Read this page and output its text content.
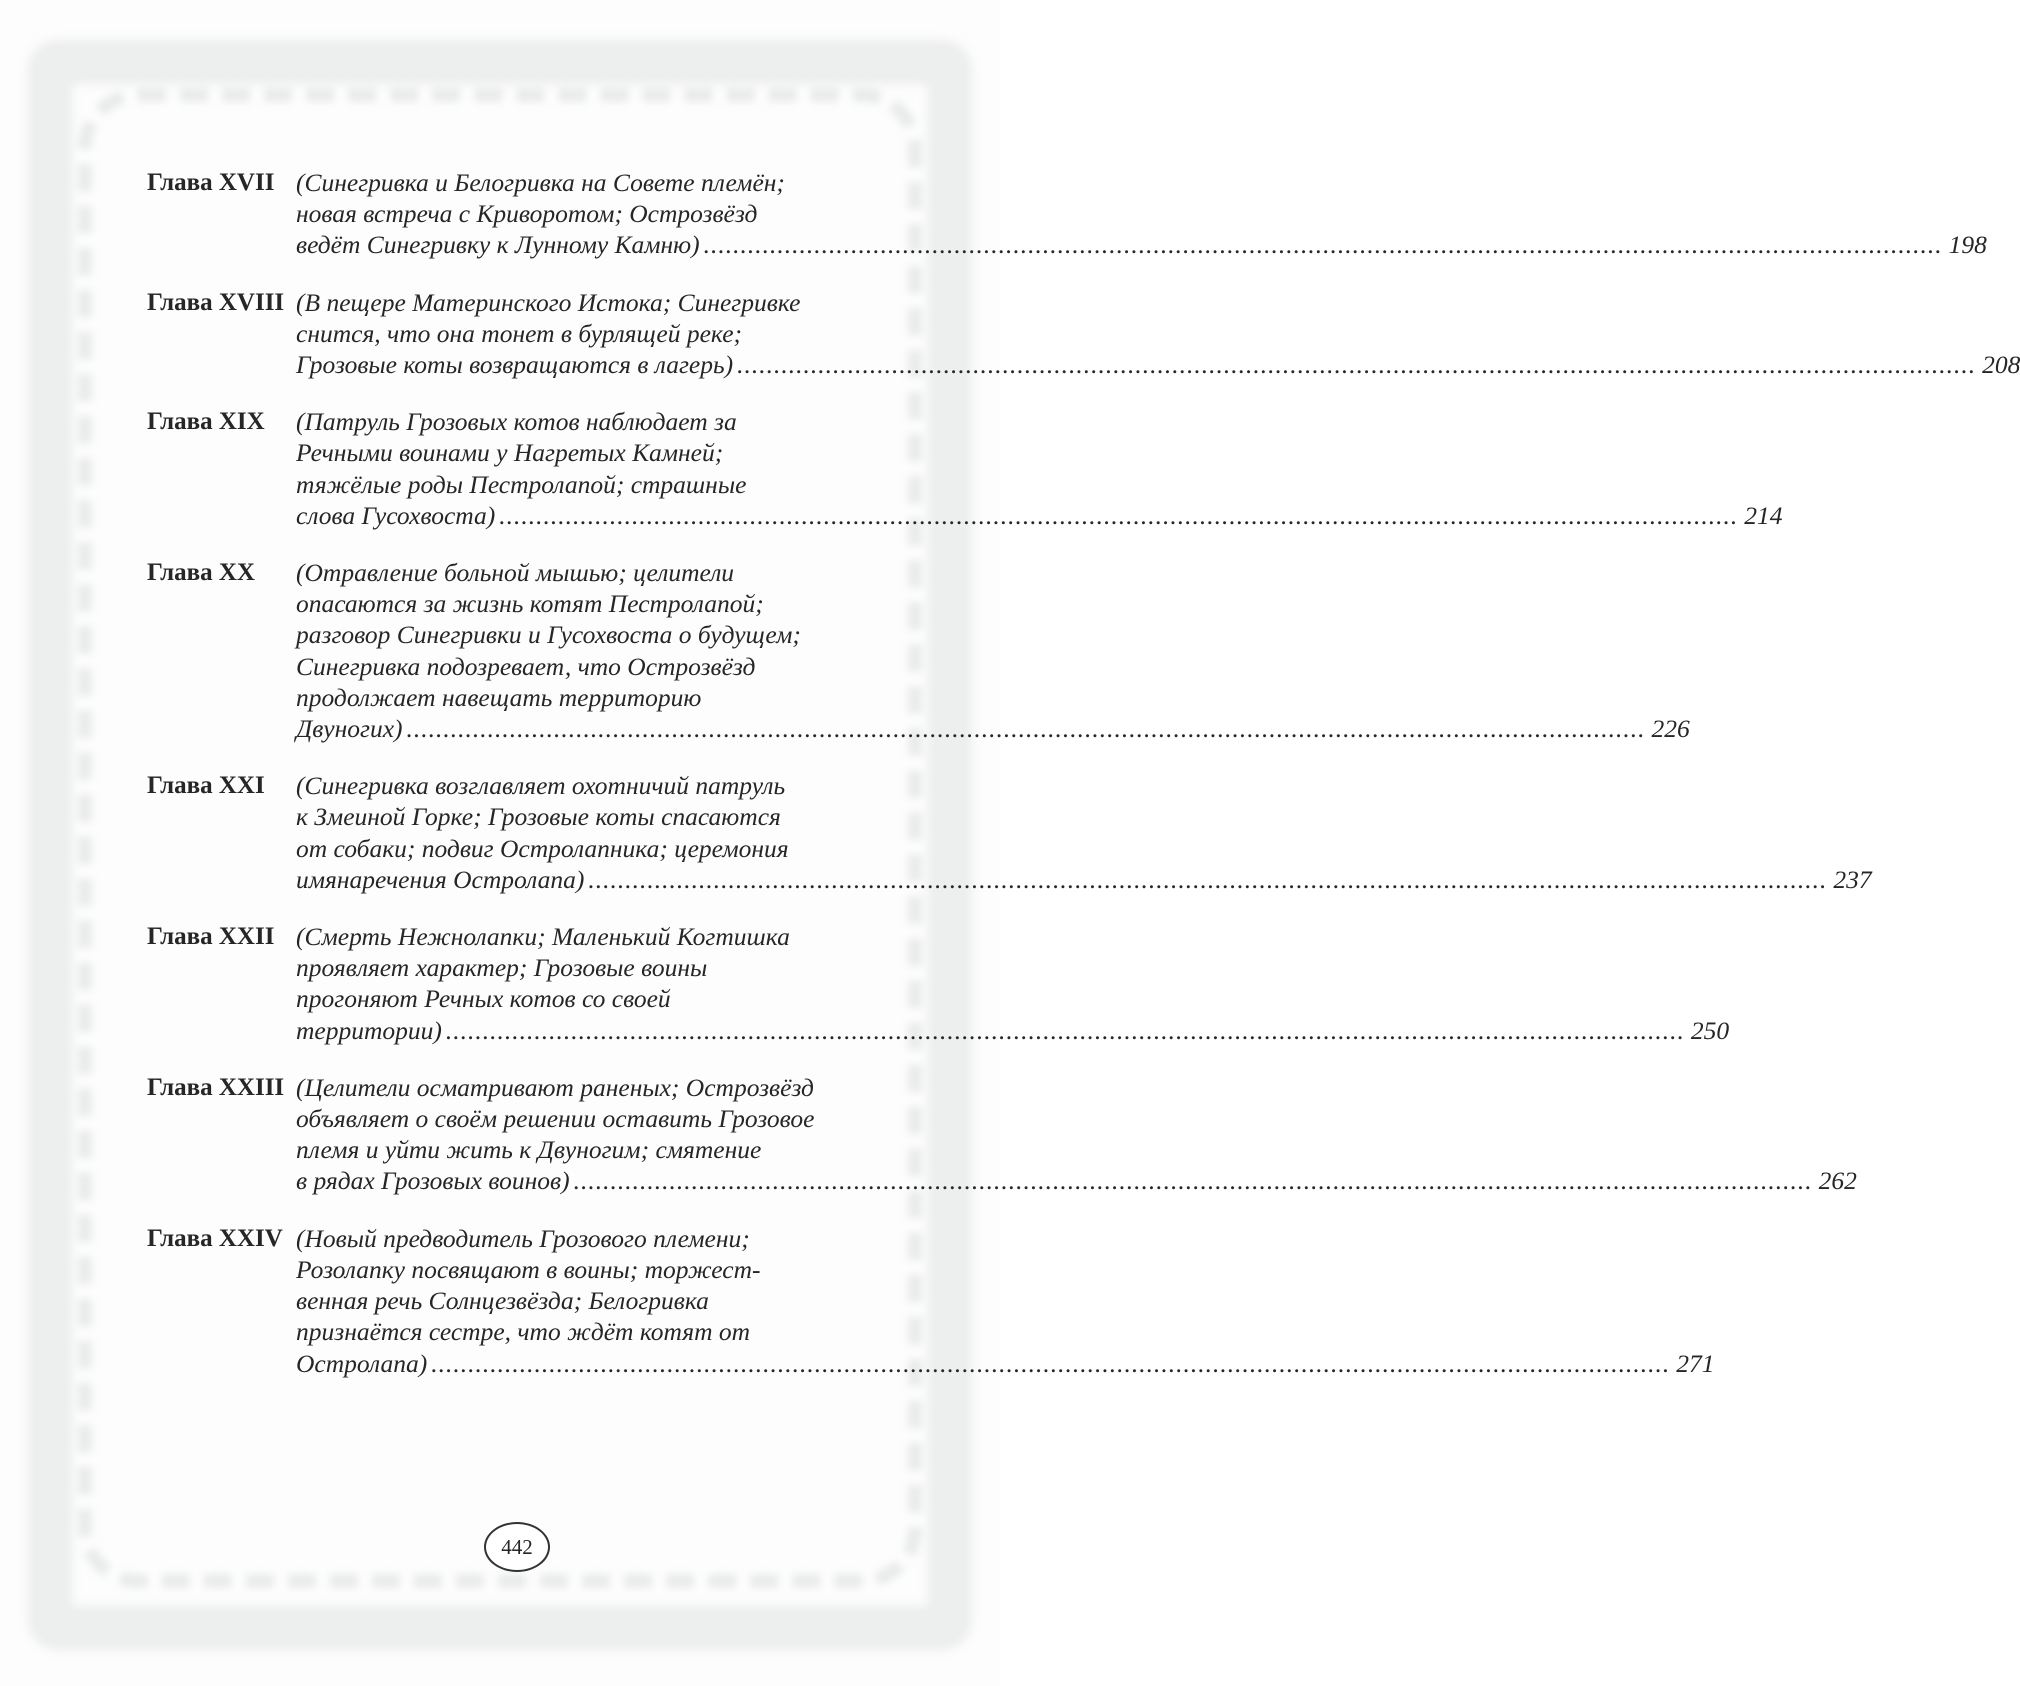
Глава XVII (Синегривка и Белогривка на Совете племён;
новая встреча с Криворотом; Острозвёзд
ведёт Синегривку к Лунному Камню) .....	198
Глава XVIII (В пещере Материнского Истока; Синегривке
снится, что она тонет в бурлящей реке;
Грозовые коты возвращаются в лагерь) .....	208
Глава XIX	(Патруль Грозовых котов наблюдает за
Речными воинами у Нагретых Камней;
тяжёлые роды Пестролапой; страшные
слова Гусохвоста) .....	214
Глава XX	(Отравление больной мышью; целители
опасаются за жизнь котят Пестролапой;
разговор Синегривки и Гусохвоста о будущем;
Синегривка подозревает, что Острозвёзд
продолжает навещать территорию
Двуногих) .....	226
Глава XXI	(Синегривка возглавляет охотничий патруль
к Змеиной Горке; Грозовые коты спасаются
от собаки; подвиг Остролапника; церемония
имянаречения Остролапа) .....	237
Глава XXII (Смерть Нежнолапки; Маленький Когтишка
проявляет характер; Грозовые воины
прогоняют Речных котов со своей
территории) .....	250
Глава XXIII (Целители осматривают раненых; Острозвёзд
объявляет о своём решении оставить Грозовое
племя и уйти жить к Двуногим; смятение
в рядах Грозовых воинов) .....	262
Глава XXIV (Новый предводитель Грозового племени;
Розолапку посвящают в воины; торжест-
венная речь Солнцезвёзда; Белогривка
признаётся сестре, что ждёт котят от
Остролапа) .....	271
442
